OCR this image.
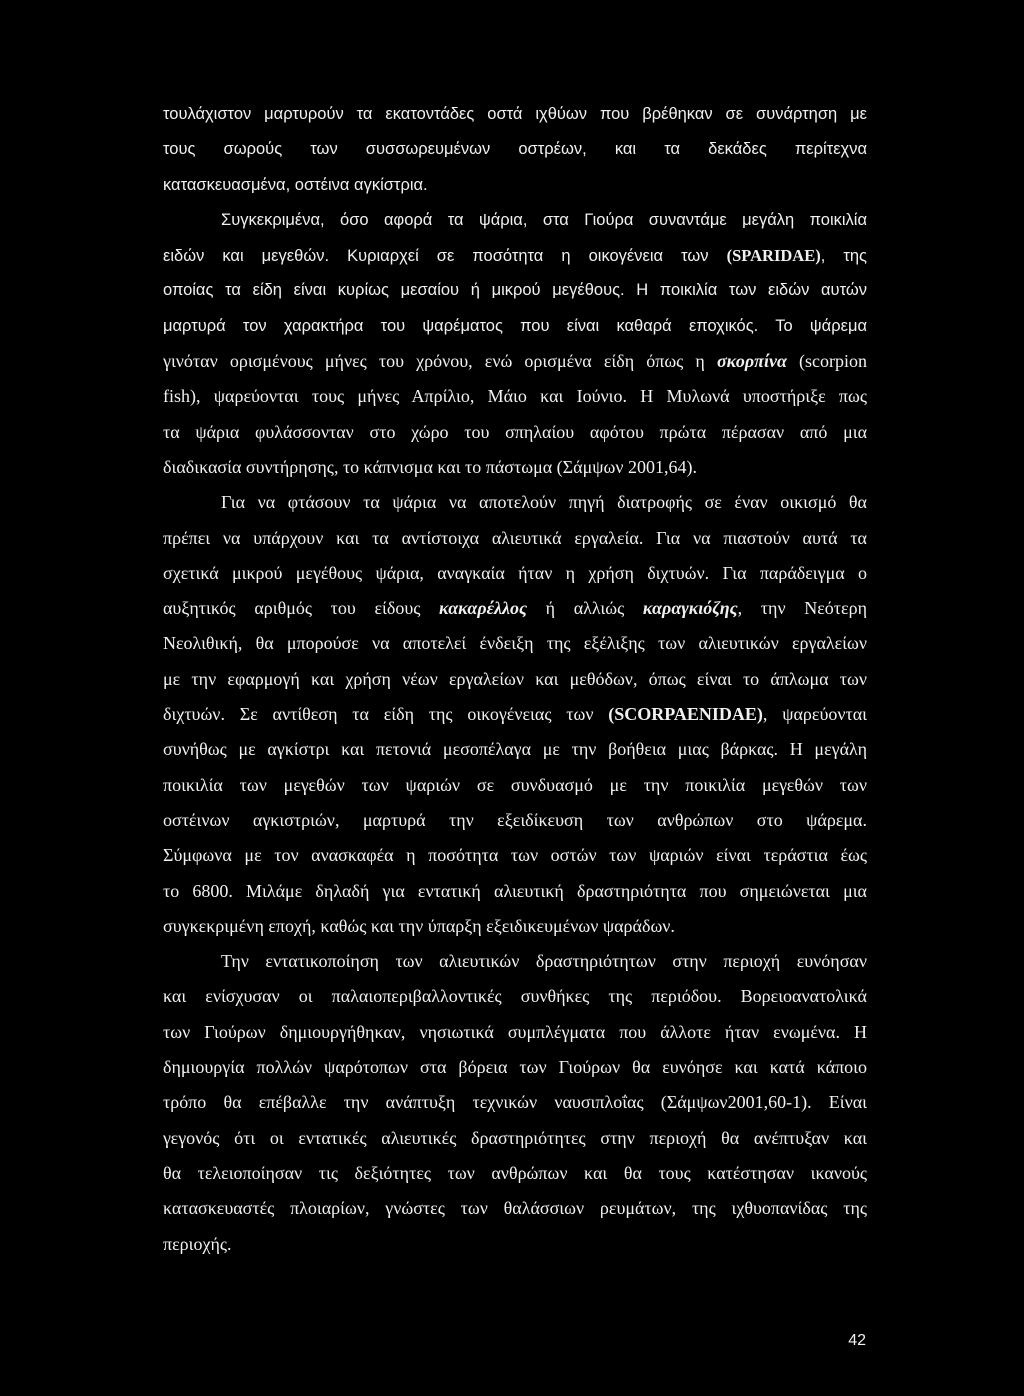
τουλάχιστον μαρτυρούν τα εκατοντάδες οστά ιχθύων που βρέθηκαν σε συνάρτηση με
τους σωρούς των συσσωρευμένων οστρέων, και τα δεκάδες περίτεχνα
κατασκευασμένα, οστέινα αγκίστρια.
Συγκεκριμένα, όσο αφορά τα ψάρια, στα Γιούρα συναντάμε μεγάλη ποικιλία
ειδών και μεγεθών. Κυριαρχεί σε ποσότητα η οικογένεια των (SPARIDAE), της
οποίας τα είδη είναι κυρίως μεσαίου ή μικρού μεγέθους. Η ποικιλία των ειδών αυτών
μαρτυρά τον χαρακτήρα του ψαρέματος που είναι καθαρά εποχικός. Το ψάρεμα
γινόταν ορισμένους μήνες του χρόνου, ενώ ορισμένα είδη όπως η σκορπίνα (scorpion
fish), ψαρεύονται τους μήνες Απρίλιο, Μάιο και Ιούνιο. Η Μυλωνά υποστήριξε πως
τα ψάρια φυλάσσονταν στο χώρο του σπηλαίου αφότου πρώτα πέρασαν από μια
διαδικασία συντήρησης, το κάπνισμα και το πάστωμα (Σάμψων 2001,64).
Για να φτάσουν τα ψάρια να αποτελούν πηγή διατροφής σε έναν οικισμό θα
πρέπει να υπάρχουν και τα αντίστοιχα αλιευτικά εργαλεία. Για να πιαστούν αυτά τα
σχετικά μικρού μεγέθους ψάρια, αναγκαία ήταν η χρήση διχτυών. Για παράδειγμα ο
αυξητικός αριθμός του είδους κακαρέλλος ή αλλιώς καραγκιόζης, την Νεότερη
Νεολιθική, θα μπορούσε να αποτελεί ένδειξη της εξέλιξης των αλιευτικών εργαλείων
με την εφαρμογή και χρήση νέων εργαλείων και μεθόδων, όπως είναι το άπλωμα των
διχτυών. Σε αντίθεση τα είδη της οικογένειας των (SCORPAENIDAE), ψαρεύονται
συνήθως με αγκίστρι και πετονιά μεσοπέλαγα με την βοήθεια μιας βάρκας. Η μεγάλη
ποικιλία των μεγεθών των ψαριών σε συνδυασμό με την ποικιλία μεγεθών των
οστέινων αγκιστριών, μαρτυρά την εξειδίκευση των ανθρώπων στο ψάρεμα.
Σύμφωνα με τον ανασκαφέα η ποσότητα των οστών των ψαριών είναι τεράστια έως
το 6800. Μιλάμε δηλαδή για εντατική αλιευτική δραστηριότητα που σημειώνεται μια
συγκεκριμένη εποχή, καθώς και την ύπαρξη εξειδικευμένων ψαράδων.
Την εντατικοποίηση των αλιευτικών δραστηριότητων στην περιοχή ευνόησαν
και ενίσχυσαν οι παλαιοπεριβαλλοντικές συνθήκες της περιόδου. Βορειοανατολικά
των Γιούρων δημιουργήθηκαν, νησιωτικά συμπλέγματα που άλλοτε ήταν ενωμένα. Η
δημιουργία πολλών ψαρότοπων στα βόρεια των Γιούρων θα ευνόησε και κατά κάποιο
τρόπο θα επέβαλλε την ανάπτυξη τεχνικών ναυσιπλοΐας (Σάμψων2001,60-1). Είναι
γεγονός ότι οι εντατικές αλιευτικές δραστηριότητες στην περιοχή θα ανέπτυξαν και
θα τελειοποίησαν τις δεξιότητες των ανθρώπων και θα τους κατέστησαν ικανούς
κατασκευαστές πλοιαρίων, γνώστες των θαλάσσιων ρευμάτων, της ιχθυοπανίδας της
περιοχής.
42
